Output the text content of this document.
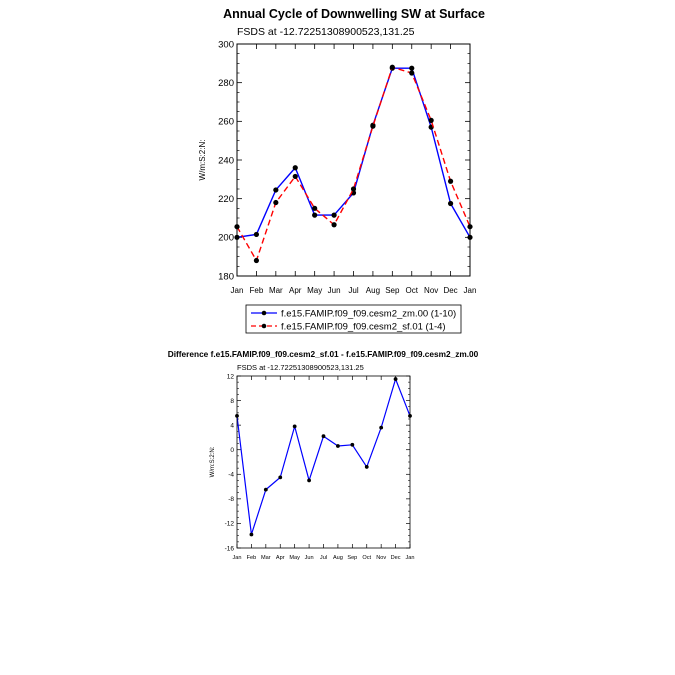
Annual Cycle of Downwelling SW at Surface
FSDS at -12.72251308900523,131.25
W/m:S:2:N:
180
200
220
240
260
280
300
Jan Feb Mar Apr May Jun Jul Aug Sep Oct Nov Dec Jan
f.e15.FAMIP.f09_f09.cesm2_zm.00 (1-10)
f.e15.FAMIP.f09_f09.cesm2_sf.01 (1-4)
Difference f.e15.FAMIP.f09_f09.cesm2_sf.01 - f.e15.FAMIP.f09_f09.cesm2_zm.00
FSDS at -12.72251308900523,131.25
W/m:S:2:N:
-16
-12
-8
-4
0
4
8
12
Jan Feb Mar Apr May Jun Jul Aug Sep Oct Nov Dec Jan
